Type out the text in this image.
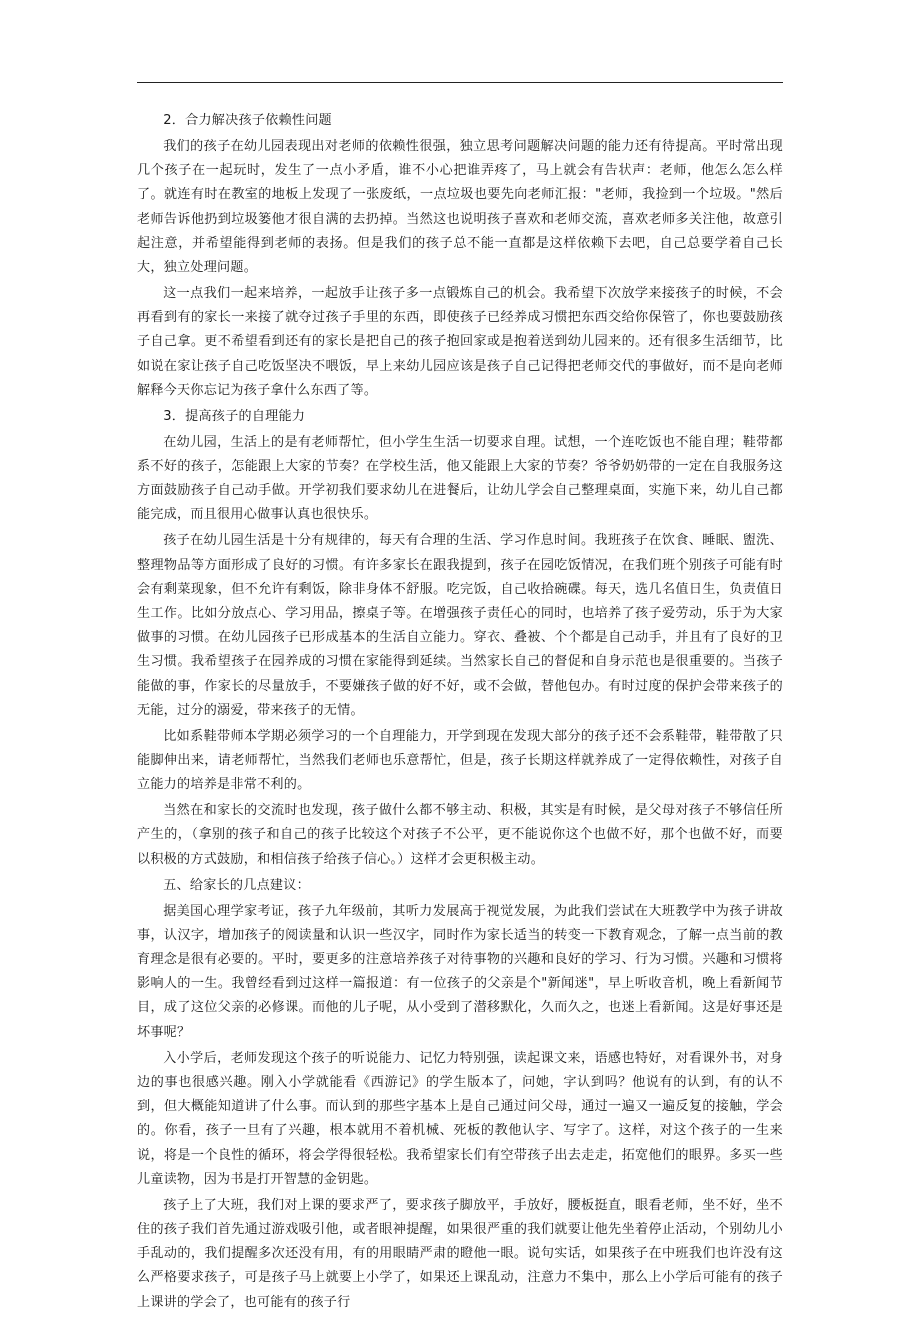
2．合力解决孩子依赖性问题

我们的孩子在幼儿园表现出对老师的依赖性很强，独立思考问题解决问题的能力还有待提高。平时常出现几个孩子在一起玩时，发生了一点小矛盾，谁不小心把谁弄疼了，马上就会有告状声：老师，他怎么怎么样了。就连有时在教室的地板上发现了一张废纸，一点垃圾也要先向老师汇报："老师，我捡到一个垃圾。"然后老师告诉他扔到垃圾篓他才很自满的去扔掉。当然这也说明孩子喜欢和老师交流，喜欢老师多关注他，故意引起注意，并希望能得到老师的表扬。但是我们的孩子总不能一直都是这样依赖下去吧，自己总要学着自己长大，独立处理问题。

这一点我们一起来培养，一起放手让孩子多一点锻炼自己的机会。我希望下次放学来接孩子的时候，不会再看到有的家长一来接了就夺过孩子手里的东西，即使孩子已经养成习惯把东西交给你保管了，你也要鼓励孩子自己拿。更不希望看到还有的家长是把自己的孩子抱回家或是抱着送到幼儿园来的。还有很多生活细节，比如说在家让孩子自己吃饭坚决不喂饭，早上来幼儿园应该是孩子自己记得把老师交代的事做好，而不是向老师解释今天你忘记为孩子拿什么东西了等。

3．提高孩子的自理能力

在幼儿园，生活上的是有老师帮忙，但小学生生活一切要求自理。试想，一个连吃饭也不能自理；鞋带都系不好的孩子，怎能跟上大家的节奏？在学校生活，他又能跟上大家的节奏？爷爷奶奶带的一定在自我服务这方面鼓励孩子自己动手做。开学初我们要求幼儿在进餐后，让幼儿学会自己整理桌面，实施下来，幼儿自己都能完成，而且很用心做事认真也很快乐。

孩子在幼儿园生活是十分有规律的，每天有合理的生活、学习作息时间。我班孩子在饮食、睡眠、盥洗、整理物品等方面形成了良好的习惯。有许多家长在跟我提到，孩子在园吃饭情况，在我们班个别孩子可能有时会有剩菜现象，但不允许有剩饭，除非身体不舒服。吃完饭，自己收拾碗碟。每天，选几名值日生，负责值日生工作。比如分放点心、学习用品，擦桌子等。在增强孩子责任心的同时，也培养了孩子爱劳动，乐于为大家做事的习惯。在幼儿园孩子已形成基本的生活自立能力。穿衣、叠被、个个都是自己动手，并且有了良好的卫生习惯。我希望孩子在园养成的习惯在家能得到延续。当然家长自己的督促和自身示范也是很重要的。当孩子能做的事，作家长的尽量放手，不要嫌孩子做的好不好，或不会做，替他包办。有时过度的保护会带来孩子的无能，过分的溺爱，带来孩子的无情。

比如系鞋带师本学期必须学习的一个自理能力，开学到现在发现大部分的孩子还不会系鞋带，鞋带散了只能脚伸出来，请老师帮忙，当然我们老师也乐意帮忙，但是，孩子长期这样就养成了一定得依赖性，对孩子自立能力的培养是非常不利的。

当然在和家长的交流时也发现，孩子做什么都不够主动、积极，其实是有时候，是父母对孩子不够信任所产生的，（拿别的孩子和自己的孩子比较这个对孩子不公平，更不能说你这个也做不好，那个也做不好，而要以积极的方式鼓励，和相信孩子给孩子信心。）这样才会更积极主动。

五、给家长的几点建议：

据美国心理学家考证，孩子九年级前，其听力发展高于视觉发展，为此我们尝试在大班教学中为孩子讲故事，认汉字，增加孩子的阅读量和认识一些汉字，同时作为家长适当的转变一下教育观念，了解一点当前的教育理念是很有必要的。平时，要更多的注意培养孩子对待事物的兴趣和良好的学习、行为习惯。兴趣和习惯将影响人的一生。我曾经看到过这样一篇报道：有一位孩子的父亲是个"新闻迷"，早上听收音机，晚上看新闻节目，成了这位父亲的必修课。而他的儿子呢，从小受到了潜移默化，久而久之，也迷上看新闻。这是好事还是坏事呢？

入小学后，老师发现这个孩子的听说能力、记忆力特别强，读起课文来，语感也特好，对看课外书，对身边的事也很感兴趣。刚入小学就能看《西游记》的学生版本了，问她，字认到吗？他说有的认到，有的认不到，但大概能知道讲了什么事。而认到的那些字基本上是自己通过问父母，通过一遍又一遍反复的接触，学会的。你看，孩子一旦有了兴趣，根本就用不着机械、死板的教他认字、写字了。这样，对这个孩子的一生来说，将是一个良性的循环，将会学得很轻松。我希望家长们有空带孩子出去走走，拓宽他们的眼界。多买一些儿童读物，因为书是打开智慧的金钥匙。

孩子上了大班，我们对上课的要求严了，要求孩子脚放平，手放好，腰板挺直，眼看老师，坐不好，坐不住的孩子我们首先通过游戏吸引他，或者眼神提醒，如果很严重的我们就要让他先坐着停止活动，个别幼儿小手乱动的，我们提醒多次还没有用，有的用眼睛严肃的瞪他一眼。说句实话，如果孩子在中班我们也许没有这么严格要求孩子，可是孩子马上就要上小学了，如果还上课乱动，注意力不集中，那么上小学后可能有的孩子上课讲的学会了，也可能有的孩子行
